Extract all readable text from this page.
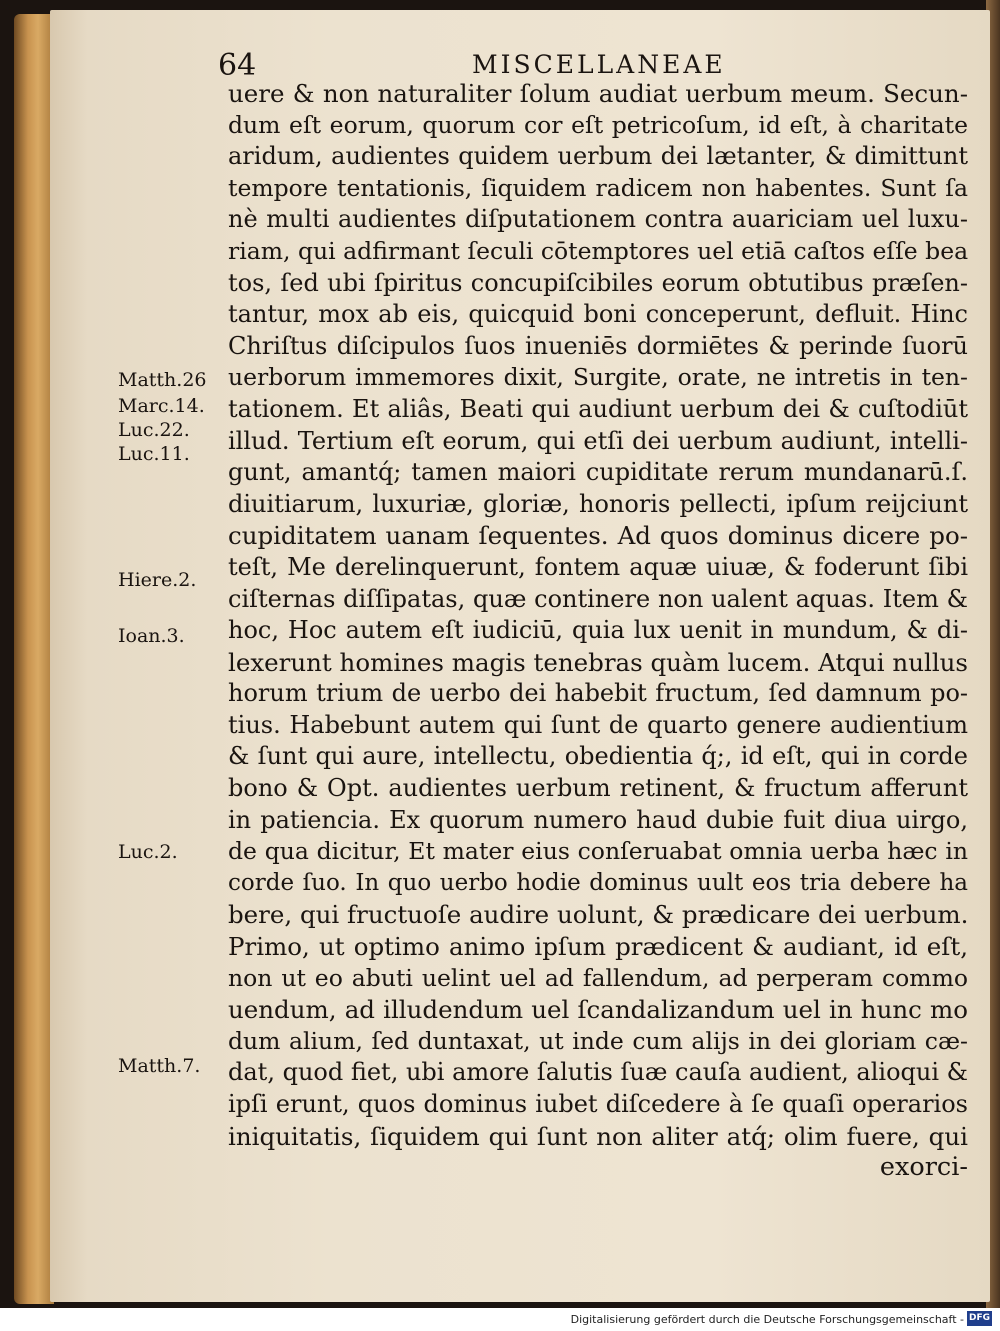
64	MISCELLANEAE
uere & non naturaliter ſolum audiat uerbum meum. Secun-
dum eſt eorum, quorum cor eſt petricoſum, id eſt, à charitate
aridum, audientes quidem uerbum dei lætanter, & dimittunt
tempore tentationis, ſiquidem radicem non habentes. Sunt ſa
nè multi audientes diſputationem contra auariciam uel luxu-
riam, qui adfirmant ſeculi cōtemptores uel etiā caſtos eſſe bea
tos, ſed ubi ſpiritus concupiſcibiles eorum obtutibus præſen-
tantur, mox ab eis, quicquid boni conceperunt, defluit. Hinc
Chriſtus diſcipulos ſuos inueniēs dormiētes & perinde ſuorū
uerborum immemores dixit, Surgite, orate, ne intretis in ten-
tationem. Et aliâs, Beati qui audiunt uerbum dei & cuſtodiūt
illud. Tertium eſt eorum, qui etſi dei uerbum audiunt, intelli-
gunt, amantq́; tamen maiori cupiditate rerum mundanarū.ſ.
diuitiarum, luxuriæ, gloriæ, honoris pellecti, ipſum reijciunt
cupiditatem uanam ſequentes. Ad quos dominus dicere po-
teſt, Me derelinquerunt, fontem aquæ uiuæ, & foderunt ſibi
ciſternas diſſipatas, quæ continere non ualent aquas. Item &
hoc, Hoc autem eſt iudiciū, quia lux uenit in mundum, & di-
lexerunt homines magis tenebras quàm lucem. Atqui nullus
horum trium de uerbo dei habebit fructum, ſed damnum po-
tius. Habebunt autem qui ſunt de quarto genere audientium
& ſunt qui aure, intellectu, obedientia q́;, id eſt, qui in corde
bono & Opt. audientes uerbum retinent, & fructum afferunt
in patiencia. Ex quorum numero haud dubie fuit diua uirgo,
de qua dicitur, Et mater eius conſeruabat omnia uerba hæc in
corde ſuo. In quo uerbo hodie dominus uult eos tria debere ha
bere, qui fructuoſe audire uolunt, & prædicare dei uerbum.
Primo, ut optimo animo ipſum prædicent & audiant, id eſt,
non ut eo abuti uelint uel ad fallendum, ad perperam commo
uendum, ad illudendum uel ſcandalizandum uel in hunc mo
dum alium, ſed duntaxat, ut inde cum alijs in dei gloriam cæ-
dat, quod fiet, ubi amore ſalutis ſuæ cauſa audient, alioqui &
ipſi erunt, quos dominus iubet diſcedere à ſe quaſi operarios
iniquitatis, ſiquidem qui ſunt non aliter atq́; olim fuere, qui
exorci-
Matth.26
Marc.14.
Luc.22.
Luc.11.
Hiere.2.
Ioan.3.
Luc.2.
Matth.7.
Digitalisierung gefördert durch die Deutsche Forschungsgemeinschaft - DFG
